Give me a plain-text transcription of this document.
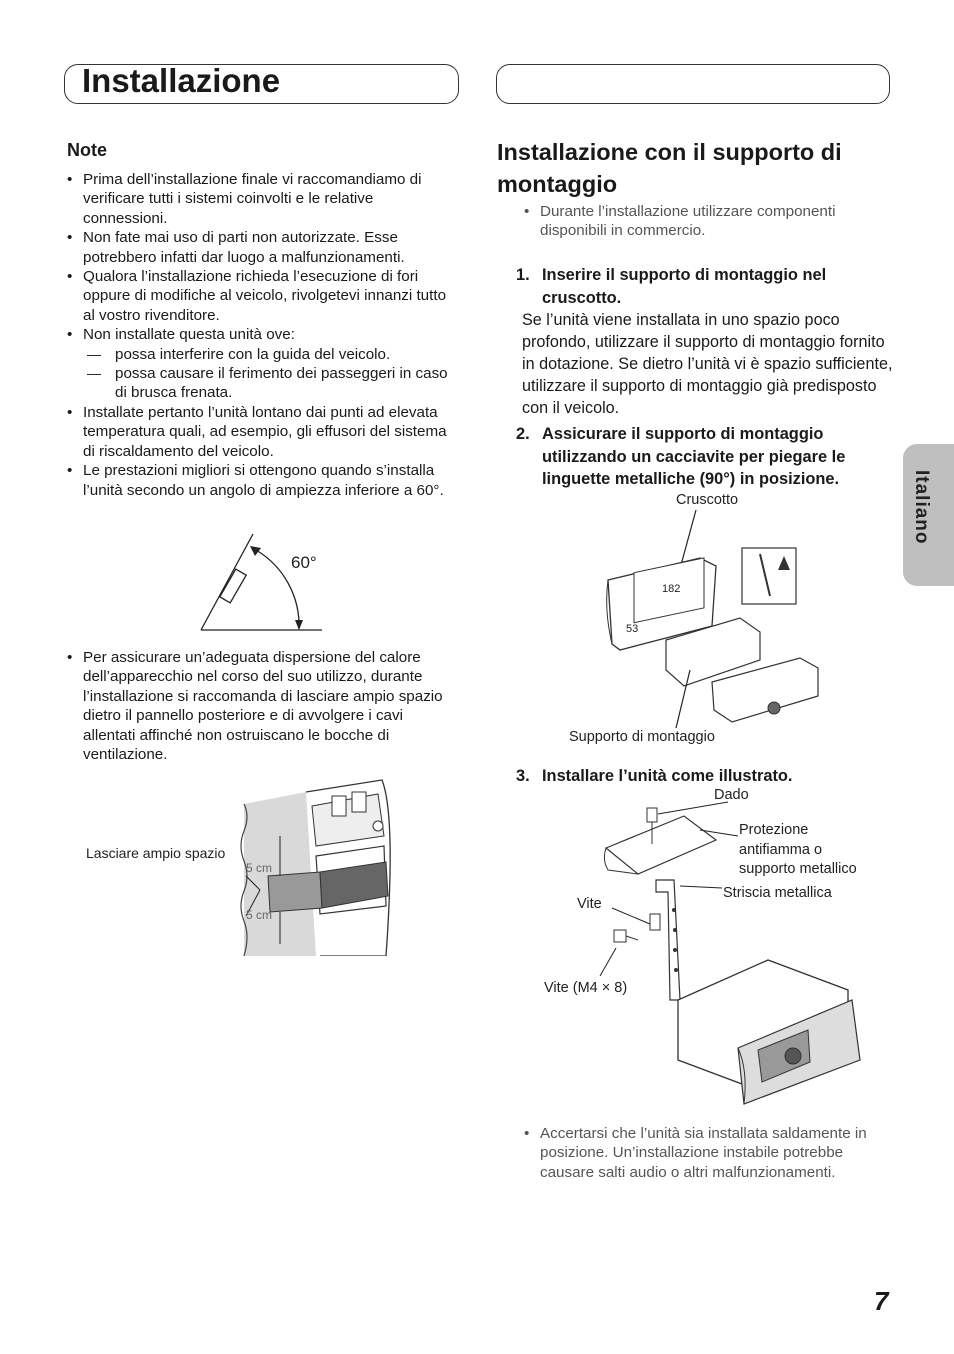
Installazione
Note
• Prima dell’installazione finale vi raccomandiamo di verificare tutti i sistemi coinvolti e le relative connessioni.
• Non fate mai uso di parti non autorizzate. Esse potrebbero infatti dar luogo a malfunzionamenti.
• Qualora l’installazione richieda l’esecuzione di fori oppure di modifiche al veicolo, rivolgetevi innanzi tutto al vostro rivenditore.
• Non installate questa unità ove:
— possa interferire con la guida del veicolo.
— possa causare il ferimento dei passeggeri in caso di brusca frenata.
• Installate pertanto l’unità lontano dai punti ad elevata temperatura quali, ad esempio, gli effusori del sistema di riscaldamento del veicolo.
• Le prestazioni migliori si ottengono quando s’installa l’unità secondo un angolo di ampiezza inferiore a 60°.
60°
• Per assicurare un’adeguata dispersione del calore dell’apparecchio nel corso del suo utilizzo, durante l’installazione si raccomanda di lasciare ampio spazio dietro il pannello posteriore e di avvolgere i cavi allentati affinché non ostruiscano le bocche di ventilazione.
5 cm
5 cm
Lasciare ampio spazio
Installazione con il supporto di montaggio
• Durante l’installazione utilizzare componenti disponibili in commercio.
1. Inserire il supporto di montaggio nel cruscotto.
Se l’unità viene installata in uno spazio poco profondo, utilizzare il supporto di montaggio fornito in dotazione. Se dietro l’unità vi è spazio sufficiente, utilizzare il supporto di montaggio già predisposto con il veicolo.
2. Assicurare il supporto di montaggio utilizzando un cacciavite per piegare le linguette metalliche (90°) in posizione.
Cruscotto
182
53
Supporto di montaggio
3. Installare l’unità come illustrato.
Dado
Protezione antifiamma o supporto metallico
Striscia metallica
Vite
Vite (M4 × 8)
• Accertarsi che l’unità sia installata saldamente in posizione. Un’installazione instabile potrebbe causare salti audio o altri malfunzionamenti.
Italiano
7
